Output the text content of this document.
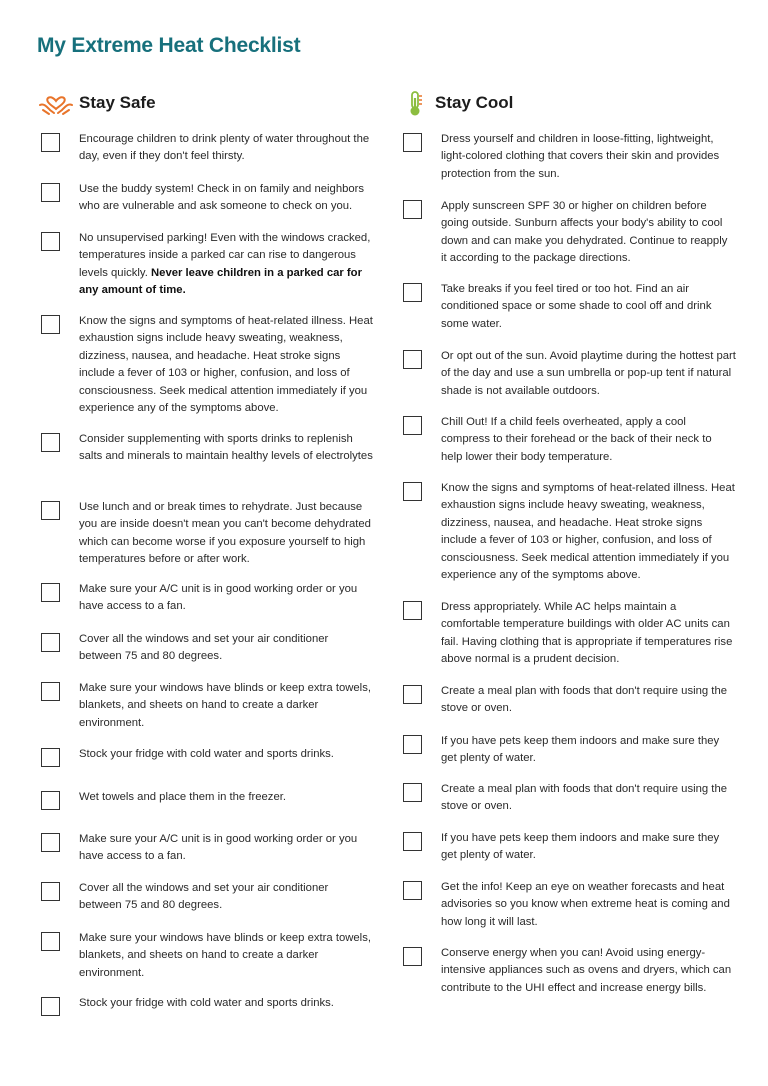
My Extreme Heat Checklist
Stay Safe
Encourage children to drink plenty of water throughout the day, even if they don't feel thirsty.
Use the buddy system! Check in on family and neighbors who are vulnerable and ask someone to check on you.
No unsupervised parking! Even with the windows cracked, temperatures inside a parked car can rise to dangerous levels quickly. Never leave children in a parked car for any amount of time.
Know the signs and symptoms of heat-related illness. Heat exhaustion signs include heavy sweating, weakness, dizziness, nausea, and headache. Heat stroke signs include a fever of 103 or higher, confusion, and loss of consciousness. Seek medical attention immediately if you experience any of the symptoms above.
Consider supplementing with sports drinks to replenish salts and minerals to maintain healthy levels of electrolytes
Use lunch and or break times to rehydrate. Just because you are inside doesn't mean you can't become dehydrated which can become worse if you exposure yourself to high temperatures before or after work.
Make sure your A/C unit is in good working order or you have access to a fan.
Cover all the windows and set your air conditioner between 75 and 80 degrees.
Make sure your windows have blinds or keep extra towels, blankets, and sheets on hand to create a darker environment.
Stock your fridge with cold water and sports drinks.
Wet towels and place them in the freezer.
Make sure your A/C unit is in good working order or you have access to a fan.
Cover all the windows and set your air conditioner between 75 and 80 degrees.
Make sure your windows have blinds or keep extra towels, blankets, and sheets on hand to create a darker environment.
Stock your fridge with cold water and sports drinks.
Stay Cool
Dress yourself and children in loose-fitting, lightweight, light-colored clothing that covers their skin and provides protection from the sun.
Apply sunscreen SPF 30 or higher on children before going outside. Sunburn affects your body's ability to cool down and can make you dehydrated. Continue to reapply it according to the package directions.
Take breaks if you feel tired or too hot. Find an air conditioned space or some shade to cool off and drink some water.
Or opt out of the sun. Avoid playtime during the hottest part of the day and use a sun umbrella or pop-up tent if natural shade is not available outdoors.
Chill Out! If a child feels overheated, apply a cool compress to their forehead or the back of their neck to help lower their body temperature.
Know the signs and symptoms of heat-related illness. Heat exhaustion signs include heavy sweating, weakness, dizziness, nausea, and headache. Heat stroke signs include a fever of 103 or higher, confusion, and loss of consciousness. Seek medical attention immediately if you experience any of the symptoms above.
Dress appropriately. While AC helps maintain a comfortable temperature buildings with older AC units can fail. Having clothing that is appropriate if temperatures rise above normal is a prudent decision.
Create a meal plan with foods that don't require using the stove or oven.
If you have pets keep them indoors and make sure they get plenty of water.
Create a meal plan with foods that don't require using the stove or oven.
If you have pets keep them indoors and make sure they get plenty of water.
Get the info! Keep an eye on weather forecasts and heat advisories so you know when extreme heat is coming and how long it will last.
Conserve energy when you can! Avoid using energy-intensive appliances such as ovens and dryers, which can contribute to the UHI effect and increase energy bills.
